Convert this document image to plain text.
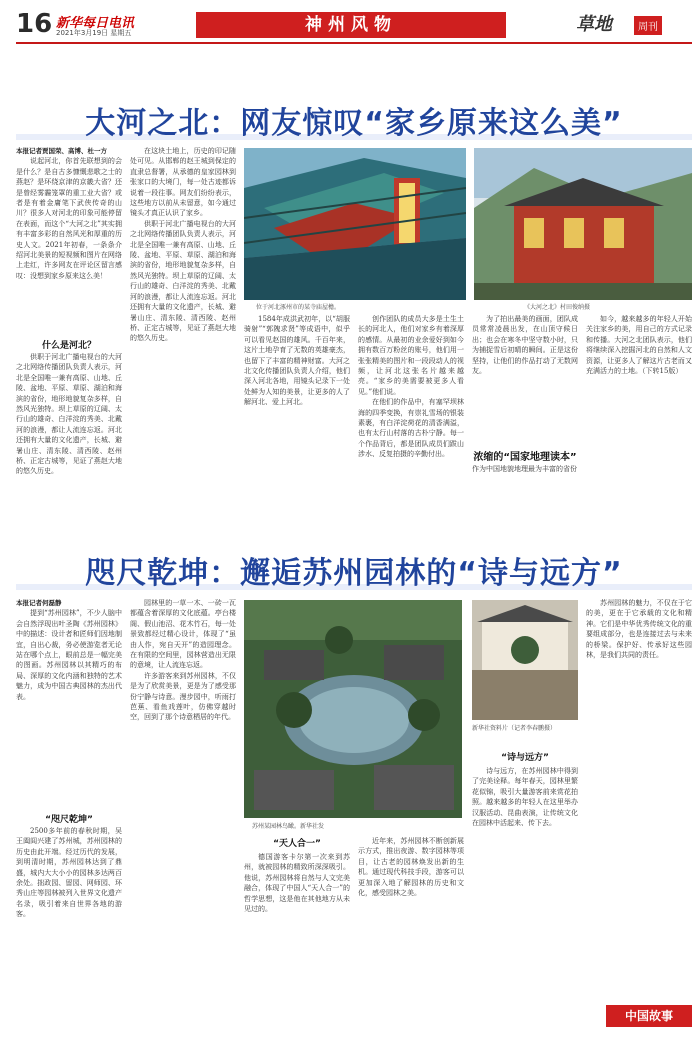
16 新华每日电讯
2021年3月19日 星期五	神州风物	草地	周刊
大河之北：网友惊叹“家乡原来这么美”
本报记者贾国荣、高博、杜一方
说起河北，你首先联想到的会是什么？是自古多慷慨悲歌之士的燕赵？是环绕京津的京畿大省？还是曾经雾霾笼罩的重工业大省？或者是有着金庸笔下武侠传奇的山川？很多人对河北的印象可能停留在表面，而这个“大河之北”其实拥有丰富多彩的自然风光和厚重的历史人文。2021年初春，一条条介绍河北美景的短视频和图片在网络上走红，许多网友在评论区留言感叹：没想到家乡原来这么美！
什么是河北？
供职于河北广播电视台的大河之北网络传播团队负责人表示，河北是全国唯一兼有高原、山地、丘陵、盆地、平原、草原、湖泊和海滨的省份，地形地貌复杂多样，自然风光独特。坝上草原的辽阔、太行山的雄奇、白洋淀的秀美、北戴河的浪漫，都让人流连忘返。河北还拥有大量的文化遗产，长城、避暑山庄、清东陵、清西陵、赵州桥、正定古城等，见证了燕赵大地的悠久历史。
在这块土地上，历史的印记随处可见。从邯郸的赵王城到保定的直隶总督署，从承德的皇家园林到张家口的大境门，每一处古迹都诉说着一段往事。网友们纷纷表示，这些地方以前从未留意，如今通过镜头才真正认识了家乡。
供职于河北广播电视台的大河之北网络传播团队负责人表示，河北是全国唯一兼有高原、山地、丘陵、盆地、平原、草原、湖泊和海滨的省份，地形地貌复杂多样，自然风光独特。坝上草原的辽阔、太行山的雄奇、白洋淀的秀美、北戴河的浪漫，都让人流连忘返。河北还拥有大量的文化遗产，长城、避暑山庄、清东陵、清西陵、赵州桥、正定古城等，见证了燕赵大地的悠久历史。
位于河北涿州市的某寺庙屋檐。	《大河之北》村田俊纳摄
1584年成洪武初年，以“胡服骑射”“郭隗求贤”等成语中，似乎可以看见赵国的雄风。千百年来，这片土地孕育了无数的英雄豪杰，也留下了丰富的精神财富。大河之北文化传播团队负责人介绍，他们深入河北各地，用镜头记录下一处处鲜为人知的美景，让更多的人了解河北、爱上河北。
创作团队的成员大多是土生土长的河北人，他们对家乡有着深厚的感情。从最初的业余爱好到如今拥有数百万粉丝的账号，他们用一张张精美的图片和一段段动人的视频，让河北这张名片越来越亮。“家乡的美需要被更多人看见。”他们说。
在他们的作品中，有塞罕坝林海的四季变换，有崇礼雪场的银装素裹，有白洋淀荷花的清香满溢，也有太行山村落的古朴宁静。每一个作品背后，都是团队成员们跋山涉水、反复拍摄的辛勤付出。
为了拍出最美的画面，团队成员常常凌晨出发，在山顶守候日出；也会在寒冬中坚守数小时，只为捕捉雪后初晴的瞬间。正是这份坚持，让他们的作品打动了无数网友。
浓缩的“国家地理读本”
作为中国地貌地理最为丰富的省份
如今，越来越多的年轻人开始关注家乡的美，用自己的方式记录和传播。大河之北团队表示，他们将继续深入挖掘河北的自然和人文资源，让更多人了解这片古老而又充满活力的土地。（下转15版）
咫尺乾坤：邂逅苏州园林的“诗与远方”
本报记者何磊静
提到“苏州园林”，不少人脑中会自然浮现出叶圣陶《苏州园林》中的描述：设计者和匠师们因地制宜，自出心裁，务必使游览者无论站在哪个点上，眼前总是一幅完美的图画。苏州园林以其精巧的布局、深厚的文化内涵和独特的艺术魅力，成为中国古典园林的杰出代表。
“咫尺乾坤”
2500多年前的春秋时期，吴王阖闾兴建了苏州城，苏州园林的历史由此开端。经过历代的发展，到明清时期，苏州园林达到了鼎盛，城内大大小小的园林多达两百余处。拙政园、留园、网师园、环秀山庄等园林被列入世界文化遗产名录，吸引着来自世界各地的游客。
园林里的一草一木、一砖一瓦都蕴含着深厚的文化底蕴。亭台楼阁、假山池沼、花木竹石，每一处景致都经过精心设计，体现了“虽由人作，宛自天开”的造园理念。在有限的空间里，园林营造出无限的意境，让人流连忘返。
许多游客来到苏州园林，不仅是为了欣赏美景，更是为了感受那份宁静与诗意。漫步园中，听雨打芭蕉、看鱼戏莲叶，仿佛穿越时空，回到了那个诗意栖居的年代。
苏州某园林鸟瞰。新华社发
“天人合一”
德国游客卡尔第一次来到苏州，就被园林的精致所深深吸引。他说，苏州园林将自然与人文完美融合，体现了中国人“天人合一”的哲学思想，这是他在其他地方从未见过的。
近年来，苏州园林不断创新展示方式，推出夜游、数字园林等项目，让古老的园林焕发出新的生机。通过现代科技手段，游客可以更加深入地了解园林的历史和文化，感受园林之美。
新华社资料片（记者李春鹏摄）
“诗与远方”
诗与远方，在苏州园林中得到了完美诠释。每年春天，园林里繁花似锦，吸引大量游客前来赏花拍照。越来越多的年轻人在这里举办汉服活动、昆曲表演，让传统文化在园林中活起来、传下去。
苏州园林的魅力，不仅在于它的美，更在于它承载的文化和精神。它们是中华优秀传统文化的重要组成部分，也是连接过去与未来的桥梁。保护好、传承好这些园林，是我们共同的责任。
中国故事
